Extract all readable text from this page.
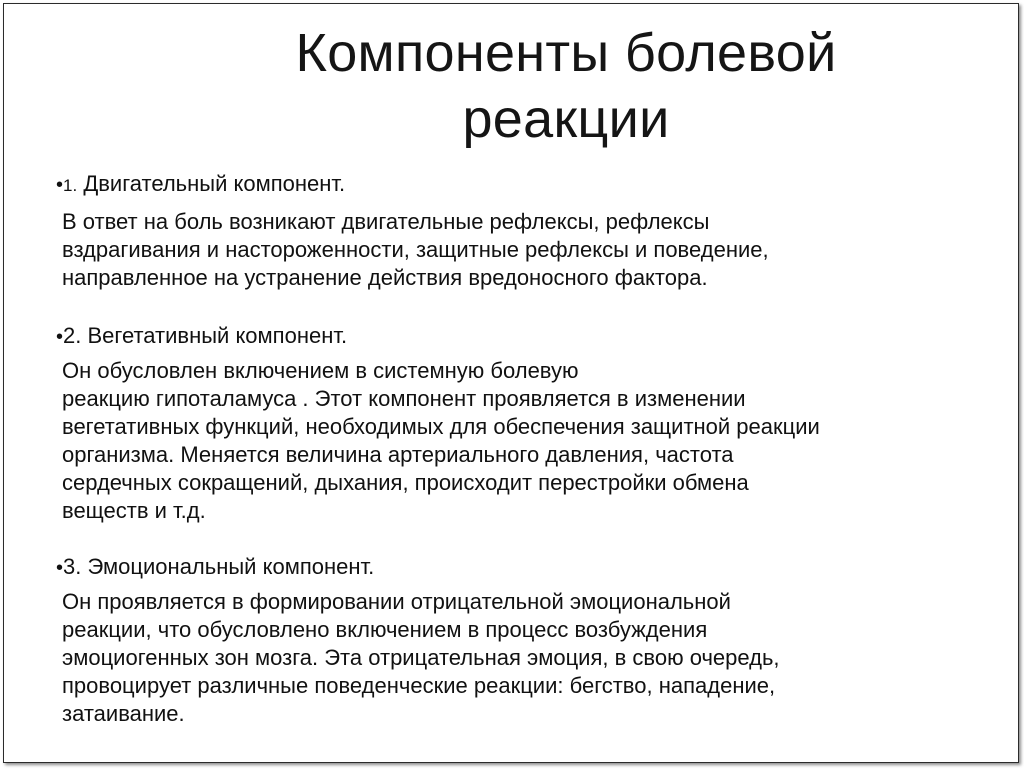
Компоненты болевой
реакции

•1. Двигательный компонент.

В ответ на боль возникают двигательные рефлексы, рефлексы
вздрагивания и настороженности, защитные рефлексы и поведение,
направленное на устранение действия вредоносного фактора.

•2. Вегетативный компонент.

Он обусловлен включением в системную болевую
реакцию гипоталамуса . Этот компонент проявляется в изменении
вегетативных функций, необходимых для обеспечения защитной реакции
организма. Меняется величина артериального давления, частота
сердечных сокращений, дыхания, происходит перестройки обмена
веществ и т.д.

•3. Эмоциональный компонент.

Он проявляется в формировании отрицательной эмоциональной
реакции, что обусловлено включением в процесс возбуждения
эмоциогенных зон мозга. Эта отрицательная эмоция, в свою очередь,
провоцирует различные поведенческие реакции: бегство, нападение,
затаивание.
